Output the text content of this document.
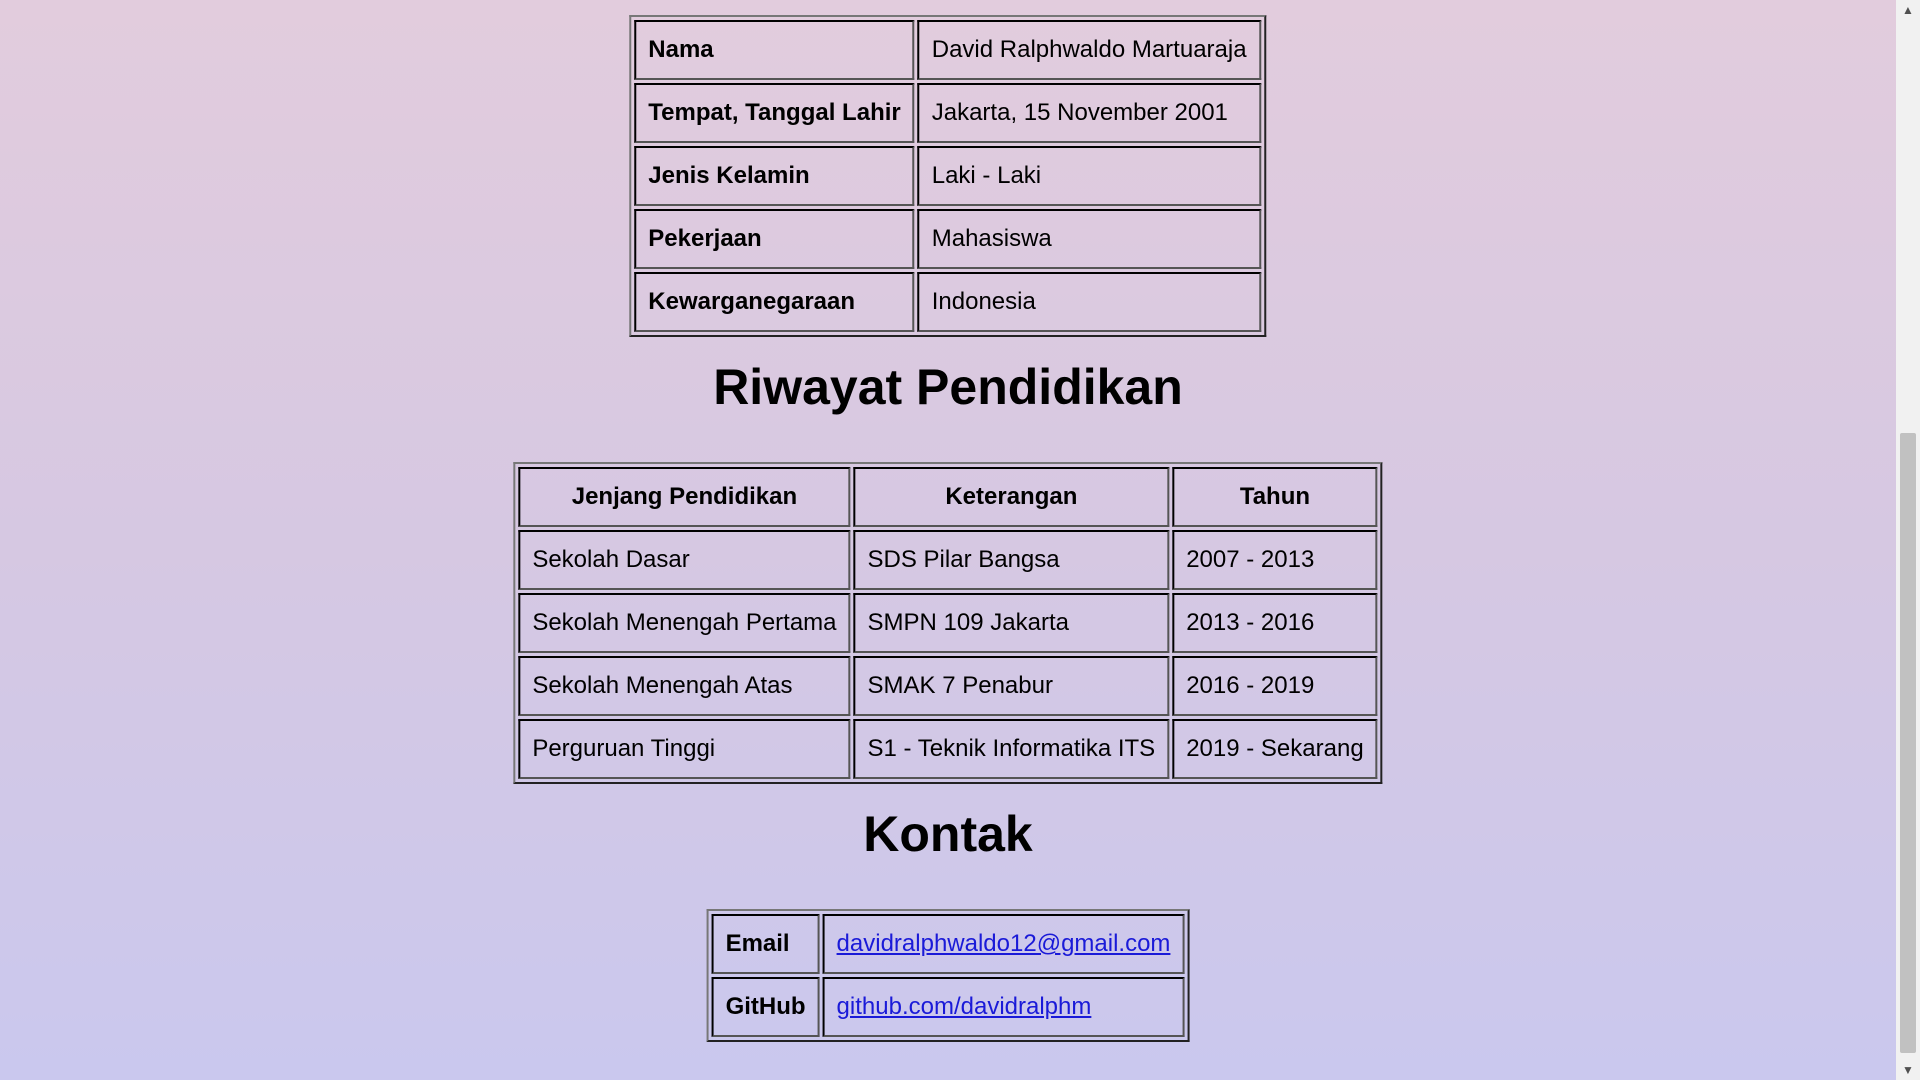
Nama	David Ralphwaldo Martuaraja
Tempat, Tanggal Lahir	Jakarta, 15 November 2001
Jenis Kelamin	Laki - Laki
Pekerjaan	Mahasiswa
Kewarganegaraan	Indonesia
Riwayat Pendidikan
Jenjang Pendidikan	Keterangan	Tahun
Sekolah Dasar	SDS Pilar Bangsa	2007 - 2013
Sekolah Menengah Pertama	SMPN 109 Jakarta	2013 - 2016
Sekolah Menengah Atas	SMAK 7 Penabur	2016 - 2019
Perguruan Tinggi	S1 - Teknik Informatika ITS	2019 - Sekarang
Kontak
Email	davidralphwaldo12@gmail.com
GitHub	github.com/davidralphm
▲
▼
